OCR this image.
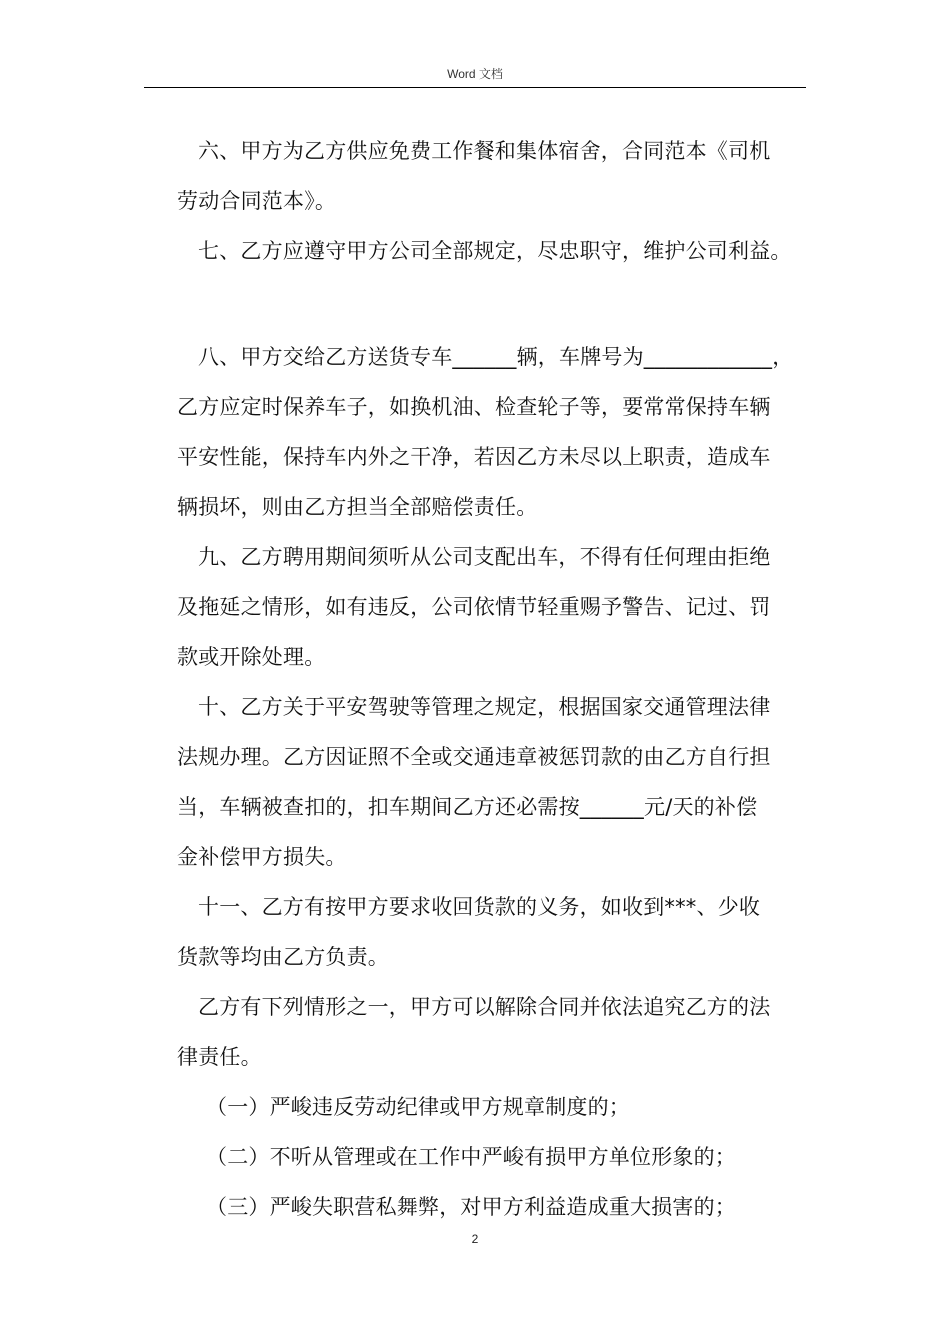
Word 文档
六、甲方为乙方供应免费工作餐和集体宿舍，合同范本《司机
劳动合同范本》。
七、乙方应遵守甲方公司全部规定，尽忠职守，维护公司利益。
八、甲方交给乙方送货专车______辆，车牌号为____________，
乙方应定时保养车子，如换机油、检查轮子等，要常常保持车辆
平安性能，保持车内外之干净，若因乙方未尽以上职责，造成车
辆损坏，则由乙方担当全部赔偿责任。
九、乙方聘用期间须听从公司支配出车，不得有任何理由拒绝
及拖延之情形，如有违反，公司依情节轻重赐予警告、记过、罚
款或开除处理。
十、乙方关于平安驾驶等管理之规定，根据国家交通管理法律
法规办理。乙方因证照不全或交通违章被惩罚款的由乙方自行担
当，车辆被查扣的，扣车期间乙方还必需按______元/天的补偿
金补偿甲方损失。
十一、乙方有按甲方要求收回货款的义务，如收到***、少收
货款等均由乙方负责。
乙方有下列情形之一，甲方可以解除合同并依法追究乙方的法
律责任。
（一）严峻违反劳动纪律或甲方规章制度的；
（二）不听从管理或在工作中严峻有损甲方单位形象的；
（三）严峻失职营私舞弊，对甲方利益造成重大损害的；
2
